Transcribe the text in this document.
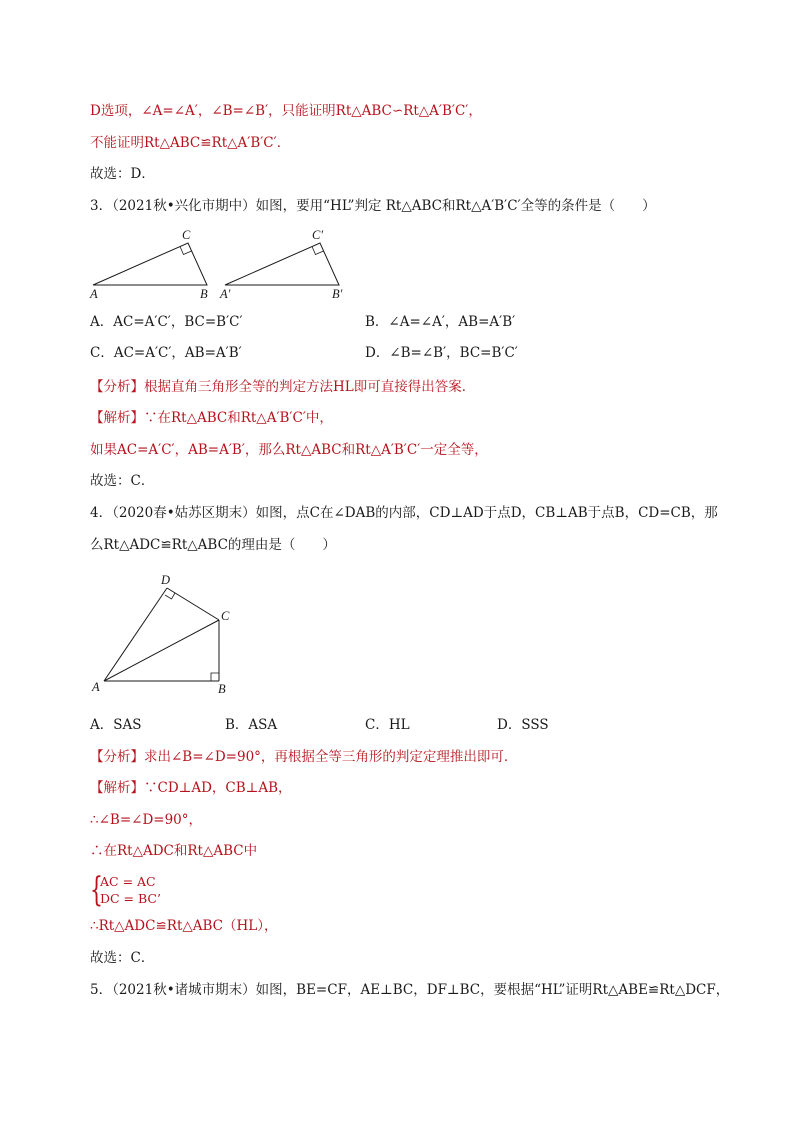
D选项，∠A=∠A′，∠B=∠B′，只能证明Rt△ABC∽Rt△A′B′C′，
不能证明Rt△ABC≌Rt△A′B′C′．
故选：D．
3．（2021秋•兴化市期中）如图，要用“HL”判定 Rt△ABC和Rt△A′B′C′全等的条件是（　　）
C
A	B
C′
A′	B′
A．AC=A′C′，BC=B′C′	B．∠A=∠A′，AB=A′B′
C．AC=A′C′，AB=A′B′	D．∠B=∠B′，BC=B′C′
【分析】根据直角三角形全等的判定方法HL即可直接得出答案．
【解析】∵在Rt△ABC和Rt△A′B′C′中，
如果AC=A′C′，AB=A′B′，那么Rt△ABC和Rt△A′B′C′一定全等，
故选：C．
4．（2020春•姑苏区期末）如图，点C在∠DAB的内部，CD⊥AD于点D，CB⊥AB于点B，CD=CB，那
么Rt△ADC≌Rt△ABC的理由是（　　）
D
C
A	B
A．SAS	B．ASA	C．HL	D．SSS
【分析】求出∠B=∠D=90°，再根据全等三角形的判定定理推出即可．
【解析】∵CD⊥AD，CB⊥AB，
∴∠B=∠D=90°，
∴在Rt△ADC和Rt△ABC中
{
AC = AC
DC = BC’
∴Rt△ADC≌Rt△ABC（HL），
故选：C．
5．（2021秋•诸城市期末）如图，BE=CF，AE⊥BC，DF⊥BC，要根据“HL”证明Rt△ABE≌Rt△DCF，
